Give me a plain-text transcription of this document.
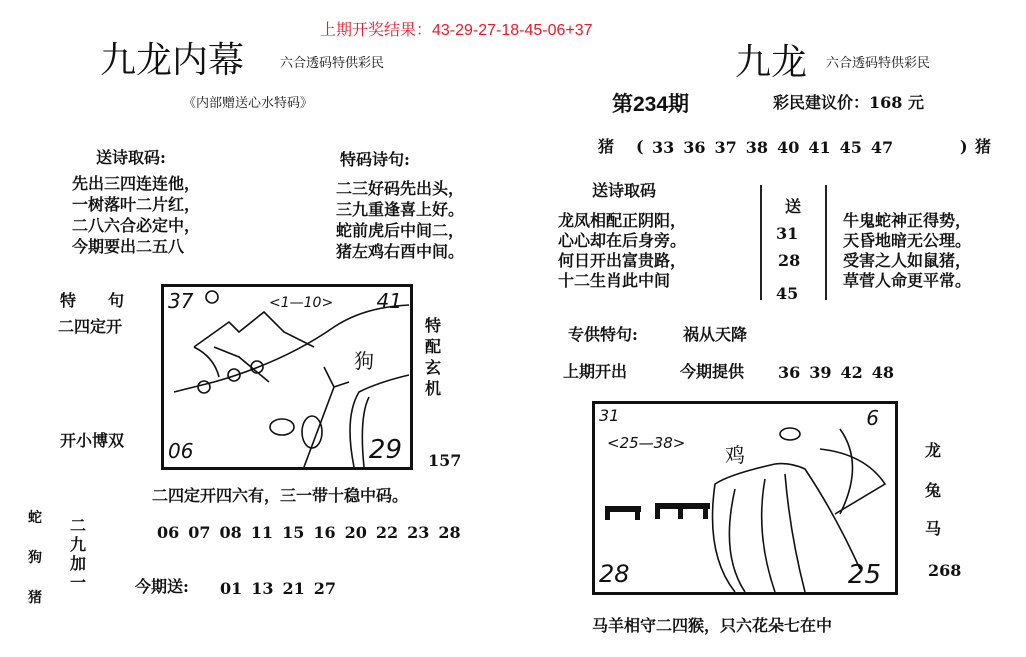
上期开奖结果：43-29-27-18-45-06+37
九龙内幕	六合透码特供彩民
《内部赠送心水特码》
送诗取码:
先出三四连连他，
一树落叶二片红，
二八六合必定中，
今期要出二五八
特码诗句:
二三好码先出头，
三九重逢喜上好。
蛇前虎后中间二，
猪左鸡右酉中间。
特　　句
二四定开
开小博双
37	41
<1—10>
06	29
狗
特
配
玄
机
157
二四定开四六有，三一带十稳中码。
06 07 08 11 15 16 20 22 23 28
蛇
狗
猪
二
九
加
一	今期送: 01 13 21 27
九龙 六合透码特供彩民
第234期	彩民建议价：168 元
猪 ( 33 36 37 38 40 41 45 47	) 猪
送诗取码
龙凤相配正阴阳，
心心却在后身旁。
何日开出富贵路，
十二生肖此中间
送
31
28
45
牛鬼蛇神正得势，
天昏地暗无公理。
受害之人如鼠猪，
草菅人命更平常。
专供特句:	祸从天降
上期开出	今期提供 36 39 42 48
31	6
<25—38>
28	25
鸡	龙
兔
马
268
马羊相守二四猴，只六花朵七在中
